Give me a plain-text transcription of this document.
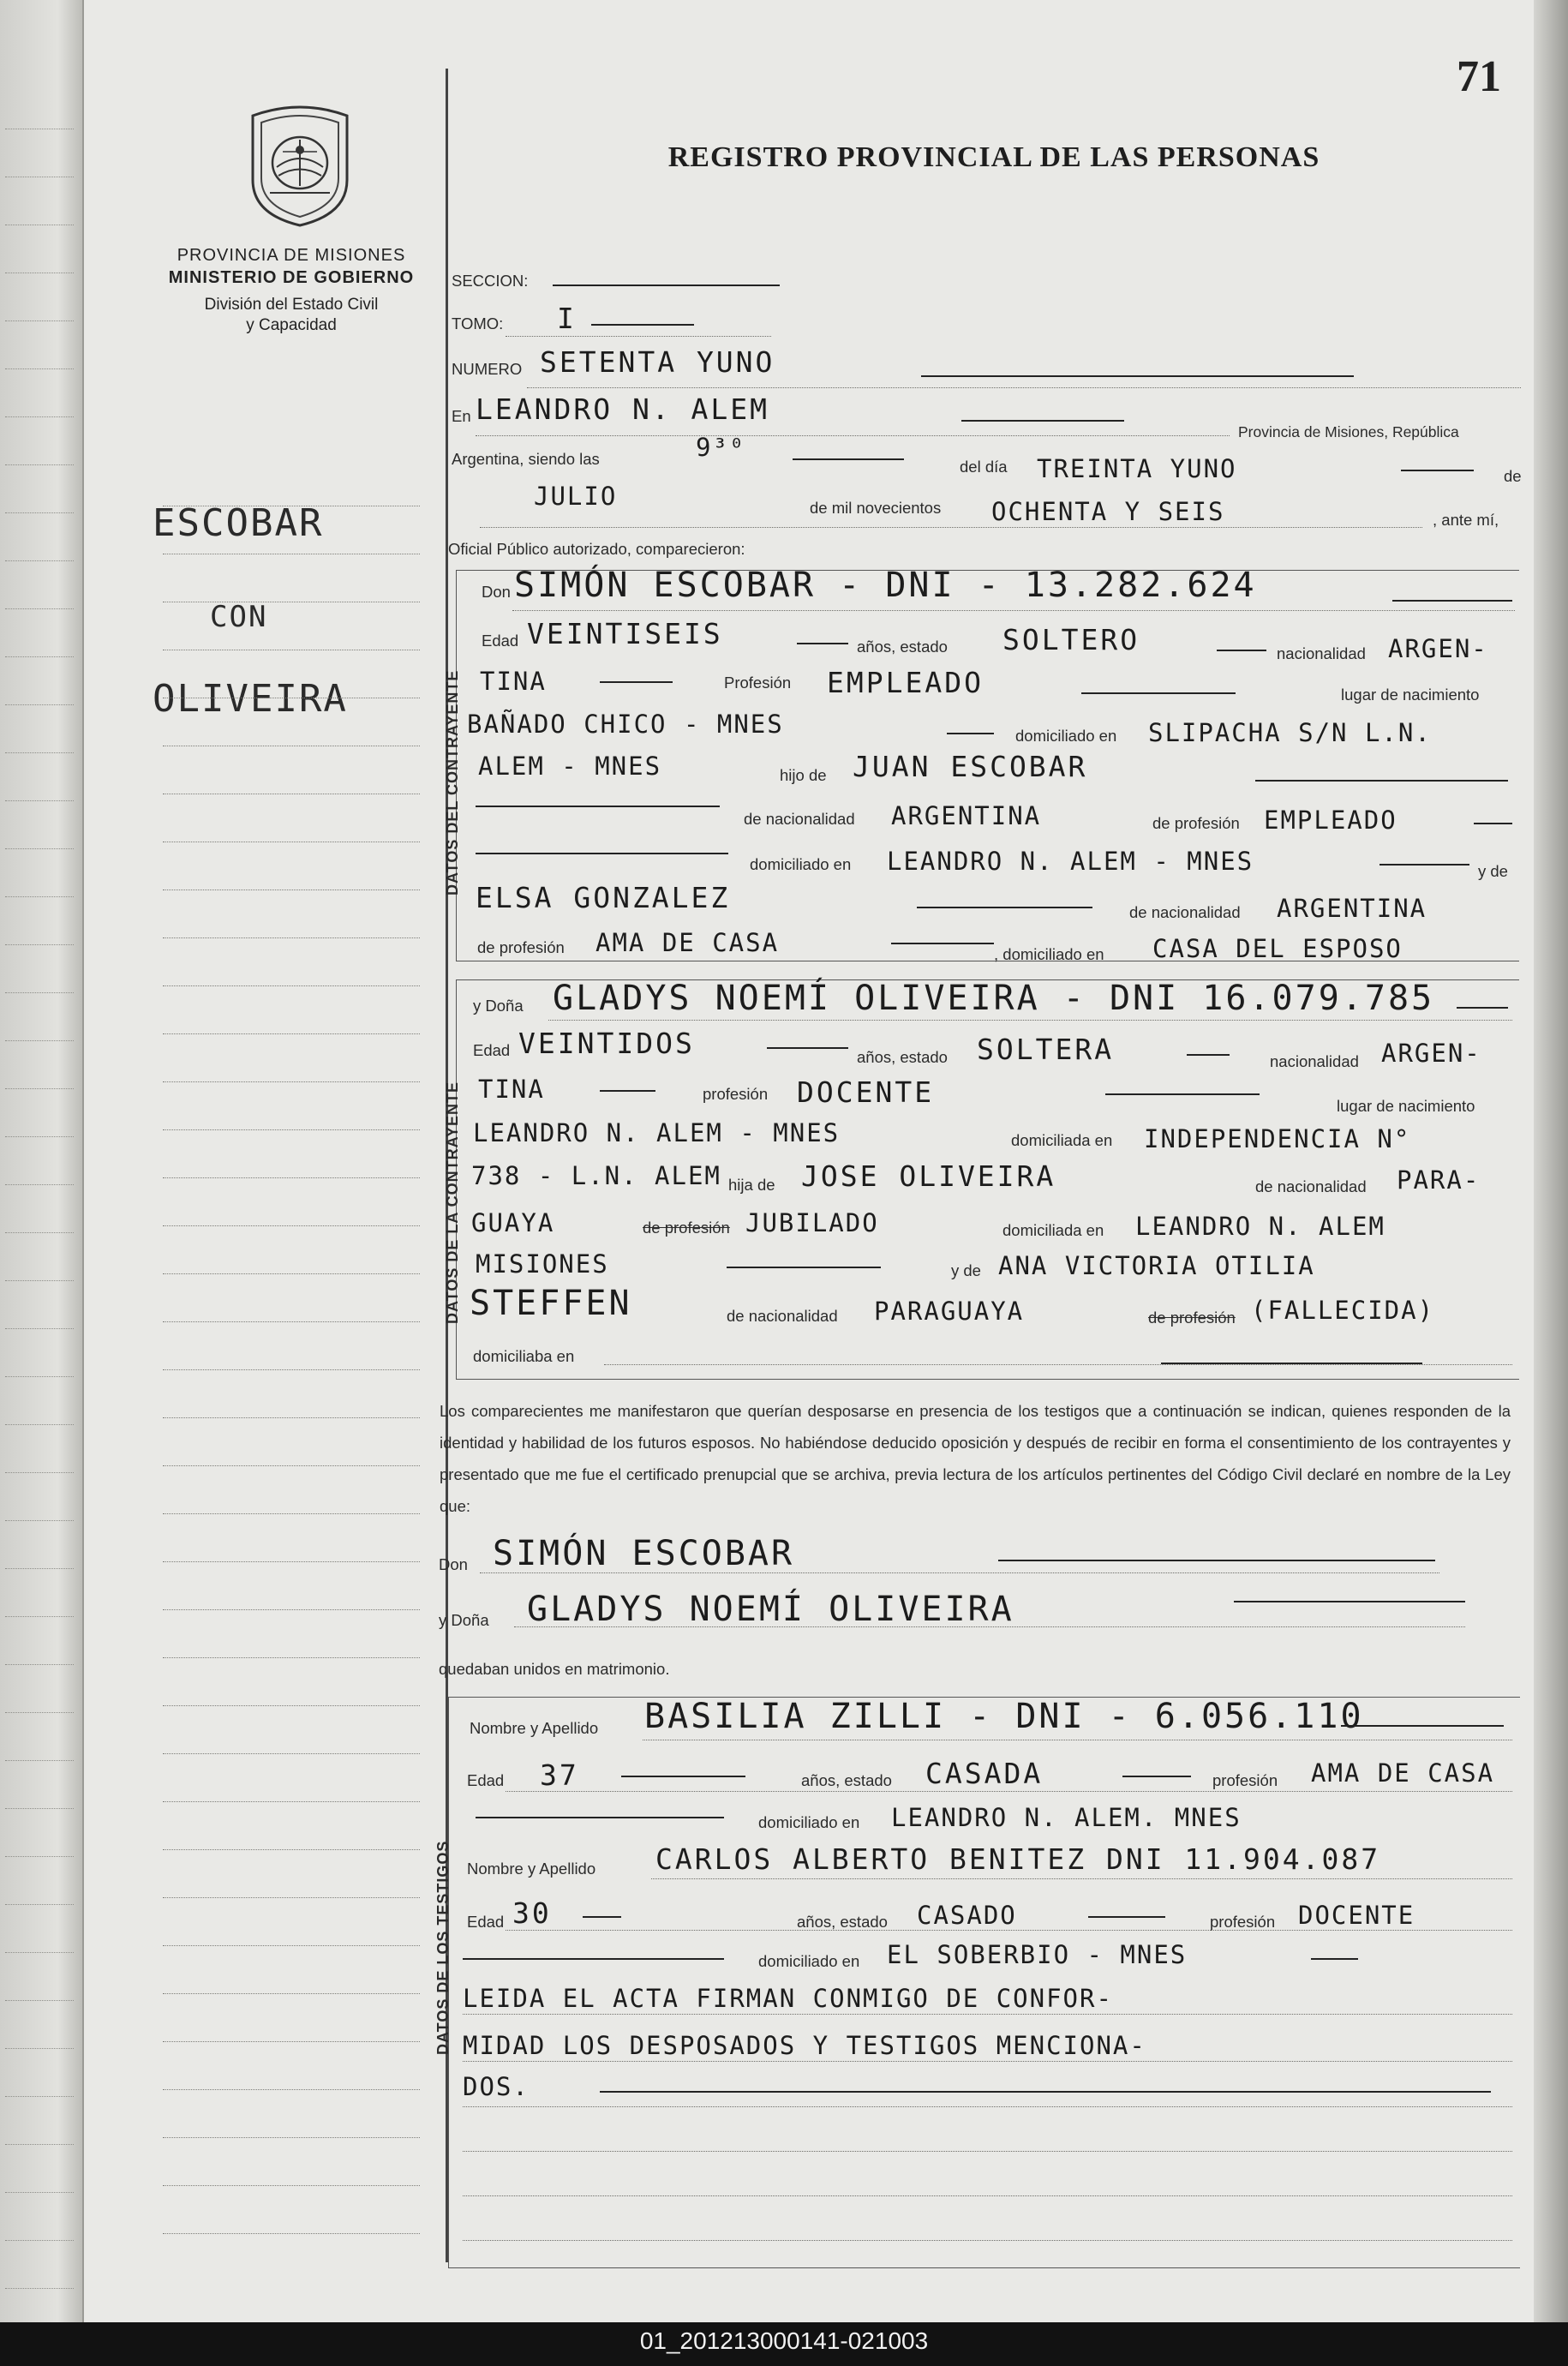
PROVINCIA DE MISIONES
MINISTERIO DE GOBIERNO
División del Estado Civil
y Capacidad
REGISTRO PROVINCIAL DE LAS PERSONAS
71
ESCOBAR
CON
OLIVEIRA
SECCION:
TOMO: I
NUMERO SETENTA YUNO
En LEANDRO N. ALEM
Provincia de Misiones, República
Argentina, siendo las	9³⁰
del día TREINTA YUNO	de
JULIO	de mil novecientos OCHENTA Y SEIS	, ante mí,
Oficial Público autorizado, comparecieron:
DATOS DEL CONTRAYENTE
Don SIMÓN ESCOBAR - DNI - 13.282.624
Edad VEINTISEIS	años, estado SOLTERO	nacionalidad ARGEN-
TINA	Profesión EMPLEADO	lugar de nacimiento
BAÑADO CHICO - MNES	domiciliado en SLIPACHA S/N L.N.
ALEM - MNES	hijo de JUAN ESCOBAR
de nacionalidad ARGENTINA	de profesión EMPLEADO
domiciliado en LEANDRO N. ALEM - MNES	y de
ELSA GONZALEZ	de nacionalidad ARGENTINA
de profesión AMA DE CASA	, domiciliado en CASA DEL ESPOSO
DATOS DE LA CONTRAYENTE
y Doña GLADYS NOEMÍ OLIVEIRA - DNI 16.079.785
Edad VEINTIDOS	años, estado SOLTERA	nacionalidad ARGEN-
TINA	profesión DOCENTE	lugar de nacimiento
LEANDRO N. ALEM - MNES	domiciliada en INDEPENDENCIA N°
738 - L.N. ALEM hija de JOSE OLIVEIRA	de nacionalidad PARA-
GUAYA	de profesión JUBILADO	domiciliada en LEANDRO N. ALEM
MISIONES	y de ANA VICTORIA OTILIA
STEFFEN	de nacionalidad PARAGUAYA	de profesión (FALLECIDA)
domiciliaba en
Los comparecientes me manifestaron que querían desposarse en presencia de los testigos que a continuación se indican, quienes responden de la identidad y habilidad de los futuros esposos. No habiéndose deducido oposición y después de recibir en forma el consentimiento de los contrayentes y presentado que me fue el certificado prenupcial que se archiva, previa lectura de los artículos pertinentes del Código Civil declaré en nombre de la Ley que:
Don SIMÓN ESCOBAR
y Doña GLADYS NOEMÍ OLIVEIRA
quedaban unidos en matrimonio.
DATOS DE LOS TESTIGOS
Nombre y Apellido BASILIA ZILLI - DNI - 6.056.110
Edad 37	años, estado CASADA	profesión AMA DE CASA
domiciliado en LEANDRO N. ALEM. MNES
Nombre y Apellido CARLOS ALBERTO BENITEZ DNI 11.904.087
Edad 30	años, estado CASADO	profesión DOCENTE
domiciliado en EL SOBERBIO - MNES
LEIDA EL ACTA FIRMAN CONMIGO DE CONFOR-
MIDAD LOS DESPOSADOS Y TESTIGOS MENCIONA-
DOS.
01_201213000141-021003
